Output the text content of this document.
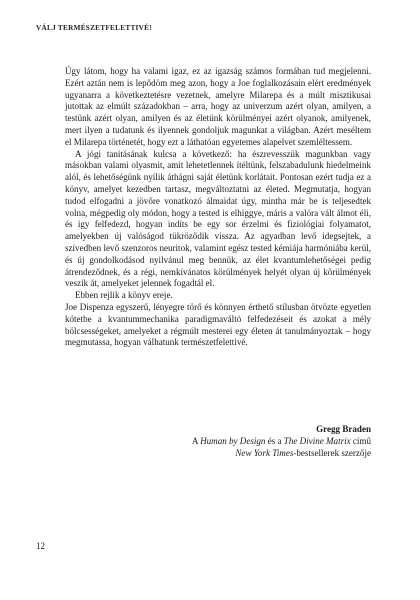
VÁLJ TERMÉSZETFELETTIVÉ!

Úgy látom, hogy ha valami igaz, ez az igazság számos formában tud megjelenni. Ezért aztán nem is lepődöm meg azon, hogy a Joe foglalkozásain elért eredmények ugyanarra a következtetésre vezetnek, amelyre Milarepa és a múlt misztikusai jutottak az elmúlt századokban – arra, hogy az univerzum azért olyan, amilyen, a testünk azért olyan, amilyen és az életünk körülményei azért olyanok, amilyenek, mert ilyen a tudatunk és ilyennek gondoljuk magunkat a világban. Azért meséltem el Milarepa történetét, hogy ezt a láthatóan egyetemes alapelvet szemléltessem.

A jógi tanításának kulcsa a következő: ha észrevesszük magunkban vagy másokban valami olyasmit, amit lehetetlennek ítéltünk, felszabadulunk hiedelmeink alól, és lehetőségünk nyílik áthágni saját életünk korlátait. Pontosan ezért tudja ez a könyv, amelyet kezedben tartasz, megváltoztatni az életed. Megmutatja, hogyan tudod elfogadni a jövőre vonatkozó álmaidat úgy, mintha már be is teljesedtek volna, mégpedig oly módon, hogy a tested is elhiggye, máris a valóra vált álmot éli, és így felfedezd, hogyan indíts be egy sor érzelmi és fiziológiai folyamatot, amelyekben új valóságod tükröződik vissza. Az agyadban levő idegsejtek, a szívedben levő szenzoros neuritok, valamint egész tested kémiája harmóniába kerül, és új gondolkodásod nyilvánul meg bennük, az élet kvantumlehetőségei pedig átrendeződnek, és a régi, nemkívánatos körülmények helyét olyan új körülmények veszik át, amelyeket jelennek fogadtál el.

Ebben rejlik a könyv ereje.

Joe Dispenza egyszerű, lényegre törő és könnyen érthető stílusban ötvözte egyetlen kötetbe a kvantummechanika paradigmaváltó felfedezéseit és azokat a mély bölcsességeket, amelyeket a régmúlt mesterei egy életen át tanulmányoztak – hogy megmutassa, hogyan válhatunk természetfelettivé.

Gregg Braden
A Human by Design és a The Divine Matrix című
New York Times-bestsellerek szerzője
12
